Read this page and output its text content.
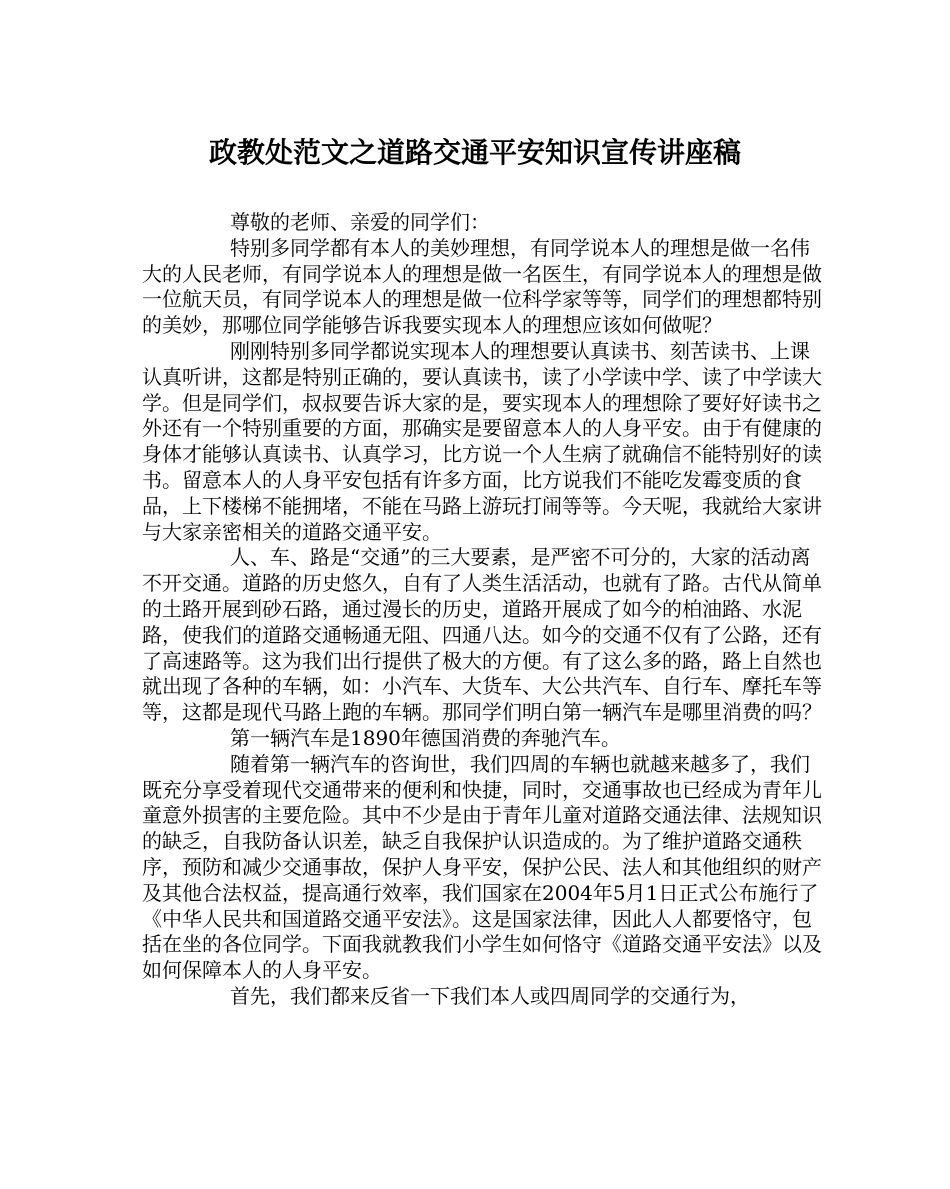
政教处范文之道路交通平安知识宣传讲座稿

尊敬的老师、亲爱的同学们：

特别多同学都有本人的美妙理想，有同学说本人的理想是做一名伟大的人民老师，有同学说本人的理想是做一名医生，有同学说本人的理想是做一位航天员，有同学说本人的理想是做一位科学家等等，同学们的理想都特别的美妙，那哪位同学能够告诉我要实现本人的理想应该如何做呢？

刚刚特别多同学都说实现本人的理想要认真读书、刻苦读书、上课认真听讲，这都是特别正确的，要认真读书，读了小学读中学、读了中学读大学。但是同学们，叔叔要告诉大家的是，要实现本人的理想除了要好好读书之外还有一个特别重要的方面，那确实是要留意本人的人身平安。由于有健康的身体才能够认真读书、认真学习，比方说一个人生病了就确信不能特别好的读书。留意本人的人身平安包括有许多方面，比方说我们不能吃发霉变质的食品，上下楼梯不能拥堵，不能在马路上游玩打闹等等。今天呢，我就给大家讲与大家亲密相关的道路交通平安。

人、车、路是“交通”的三大要素，是严密不可分的，大家的活动离不开交通。道路的历史悠久，自有了人类生活活动，也就有了路。古代从简单的土路开展到砂石路，通过漫长的历史，道路开展成了如今的柏油路、水泥路，使我们的道路交通畅通无阻、四通八达。如今的交通不仅有了公路，还有了高速路等。这为我们出行提供了极大的方便。有了这么多的路，路上自然也就出现了各种的车辆，如：小汽车、大货车、大公共汽车、自行车、摩托车等等，这都是现代马路上跑的车辆。那同学们明白第一辆汽车是哪里消费的吗？

第一辆汽车是1890年德国消费的奔驰汽车。

随着第一辆汽车的咨询世，我们四周的车辆也就越来越多了，我们既充分享受着现代交通带来的便利和快捷，同时，交通事故也已经成为青年儿童意外损害的主要危险。其中不少是由于青年儿童对道路交通法律、法规知识的缺乏，自我防备认识差，缺乏自我保护认识造成的。为了维护道路交通秩序，预防和减少交通事故，保护人身平安，保护公民、法人和其他组织的财产及其他合法权益，提高通行效率，我们国家在2004年5月1日正式公布施行了《中华人民共和国道路交通平安法》。这是国家法律，因此人人都要恪守，包括在坐的各位同学。下面我就教我们小学生如何恪守《道路交通平安法》以及如何保障本人的人身平安。

首先，我们都来反省一下我们本人或四周同学的交通行为，
